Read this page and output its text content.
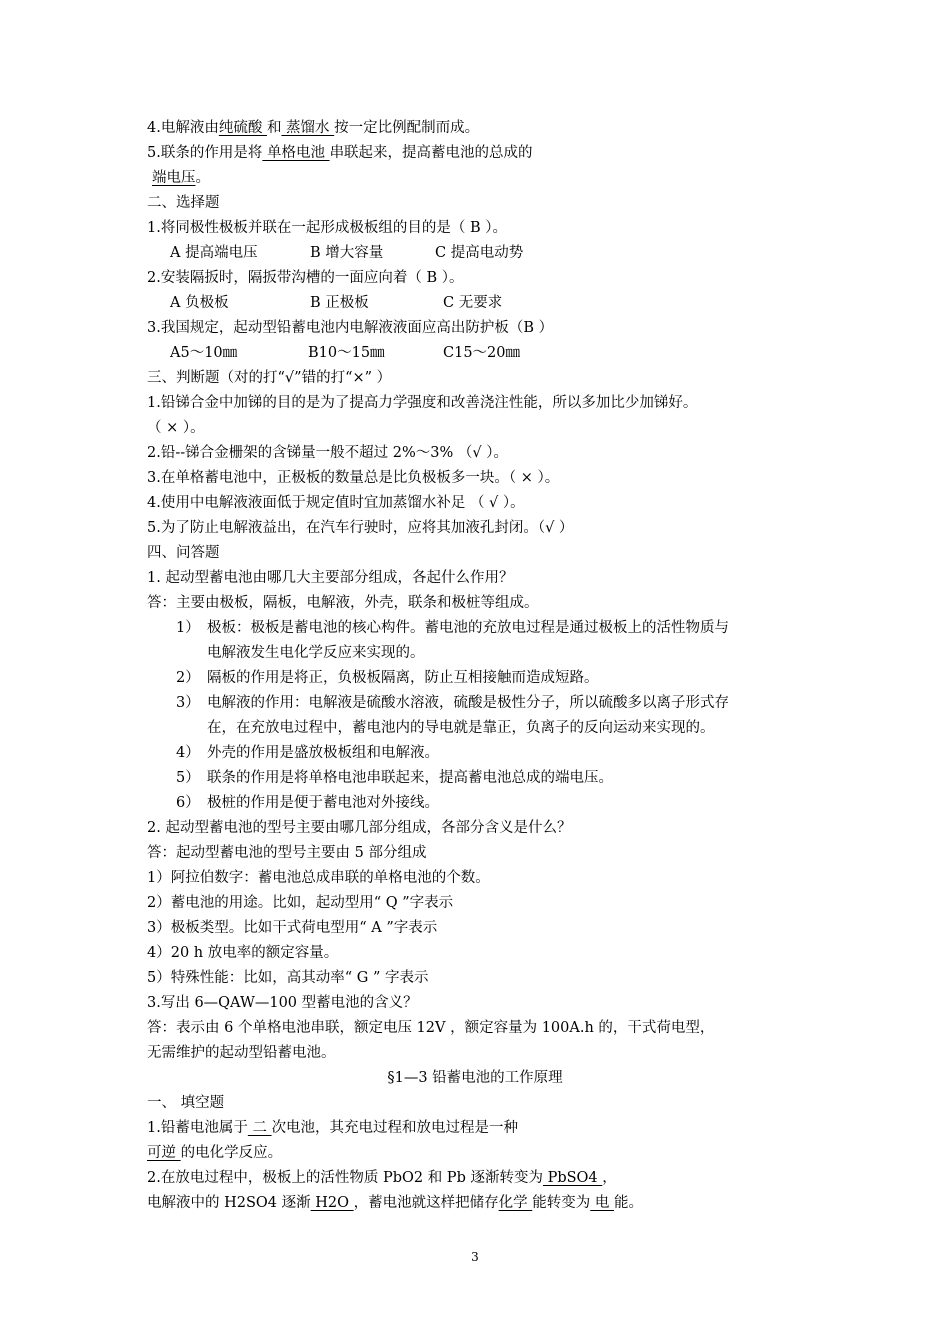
4.电解液由纯硫酸 和 蒸馏水 按一定比例配制而成。
5.联条的作用是将 单格电池 串联起来，提高蓄电池的总成的
端电压。
二、选择题
1.将同极性极板并联在一起形成极板组的目的是（ B ）。
A 提高端电压	B 增大容量	C 提高电动势
2.安装隔扳时，隔扳带沟槽的一面应向着（ B ）。
A 负极板	B 正极板	C 无要求
3.我国规定，起动型铅蓄电池内电解液液面应高出防护板（B ）
A5～10㎜	B10～15㎜	C15～20㎜
三、判断题（对的打“√”错的打“×” ）
1.铅锑合金中加锑的目的是为了提高力学强度和改善浇注性能，所以多加比少加锑好。
（ × ）。
2.铅--锑合金栅架的含锑量一般不超过 2%～3% （√ ）。
3.在单格蓄电池中，正极板的数量总是比负极板多一块。（ × ）。
4.使用中电解液液面低于规定值时宜加蒸馏水补足 （ √ ）。
5.为了防止电解液益出，在汽车行驶时，应将其加液孔封闭。（√ ）
四、问答题
1. 起动型蓄电池由哪几大主要部分组成，各起什么作用？
答：主要由极板，隔板，电解液，外壳，联条和极桩等组成。
1） 极板：极板是蓄电池的核心构件。蓄电池的充放电过程是通过极板上的活性物质与
电解液发生电化学反应来实现的。
2） 隔板的作用是将正，负极板隔离，防止互相接触而造成短路。
3） 电解液的作用：电解液是硫酸水溶液，硫酸是极性分子，所以硫酸多以离子形式存
在，在充放电过程中，蓄电池内的导电就是靠正，负离子的反向运动来实现的。
4） 外壳的作用是盛放极板组和电解液。
5） 联条的作用是将单格电池串联起来，提高蓄电池总成的端电压。
6） 极桩的作用是便于蓄电池对外接线。
2. 起动型蓄电池的型号主要由哪几部分组成，各部分含义是什么？
答：起动型蓄电池的型号主要由 5 部分组成
1）阿拉伯数字：蓄电池总成串联的单格电池的个数。
2）蓄电池的用途。比如，起动型用“ Q ”字表示
3）极板类型。比如干式荷电型用“ A ”字表示
4）20 h 放电率的额定容量。
5）特殊性能：比如，高其动率“ G ” 字表示
3.写出 6—QAW—100 型蓄电池的含义？
答：表示由 6 个单格电池串联，额定电压 12V ，额定容量为 100A.h 的，干式荷电型，
无需维护的起动型铅蓄电池。
§1—3 铅蓄电池的工作原理
一、 填空题
1.铅蓄电池属于 二 次电池，其充电过程和放电过程是一种
可逆 的电化学反应。
2.在放电过程中，极板上的活性物质 PbO2 和 Pb 逐渐转变为 PbSO4 ，
电解液中的 H2SO4 逐渐 H2O ，蓄电池就这样把储存化学 能转变为 电 能。
3
